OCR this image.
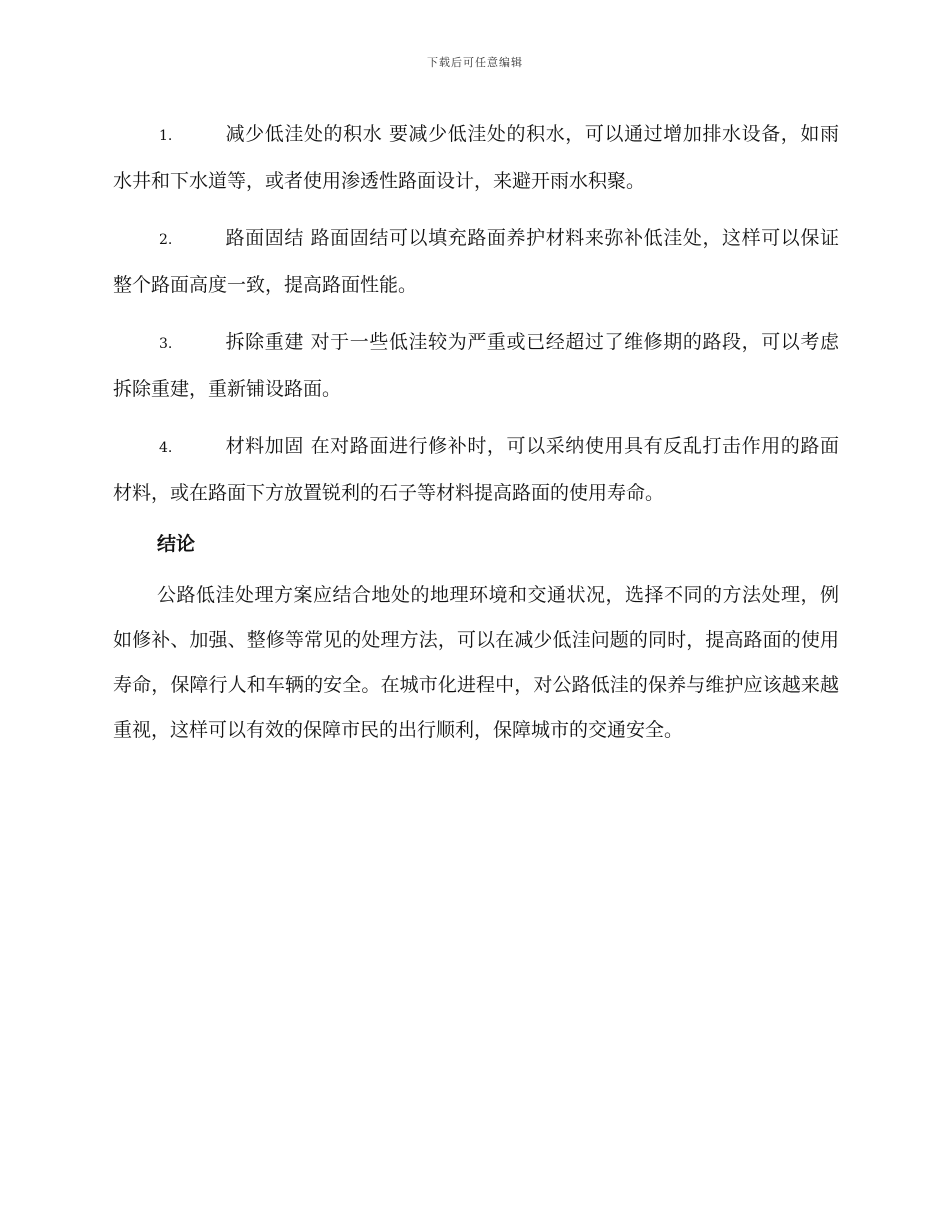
下载后可任意编辑

1.	减少低洼处的积水 要减少低洼处的积水，可以通过增加排水设备，如雨水井和下水道等，或者使用渗透性路面设计，来避开雨水积聚。

2.	路面固结 路面固结可以填充路面养护材料来弥补低洼处，这样可以保证整个路面高度一致，提高路面性能。

3.	拆除重建 对于一些低洼较为严重或已经超过了维修期的路段，可以考虑拆除重建，重新铺设路面。

4.	材料加固 在对路面进行修补时，可以采纳使用具有反乱打击作用的路面材料，或在路面下方放置锐利的石子等材料提高路面的使用寿命。

结论

公路低洼处理方案应结合地处的地理环境和交通状况，选择不同的方法处理，例如修补、加强、整修等常见的处理方法，可以在减少低洼问题的同时，提高路面的使用寿命，保障行人和车辆的安全。在城市化进程中，对公路低洼的保养与维护应该越来越重视，这样可以有效的保障市民的出行顺利，保障城市的交通安全。
